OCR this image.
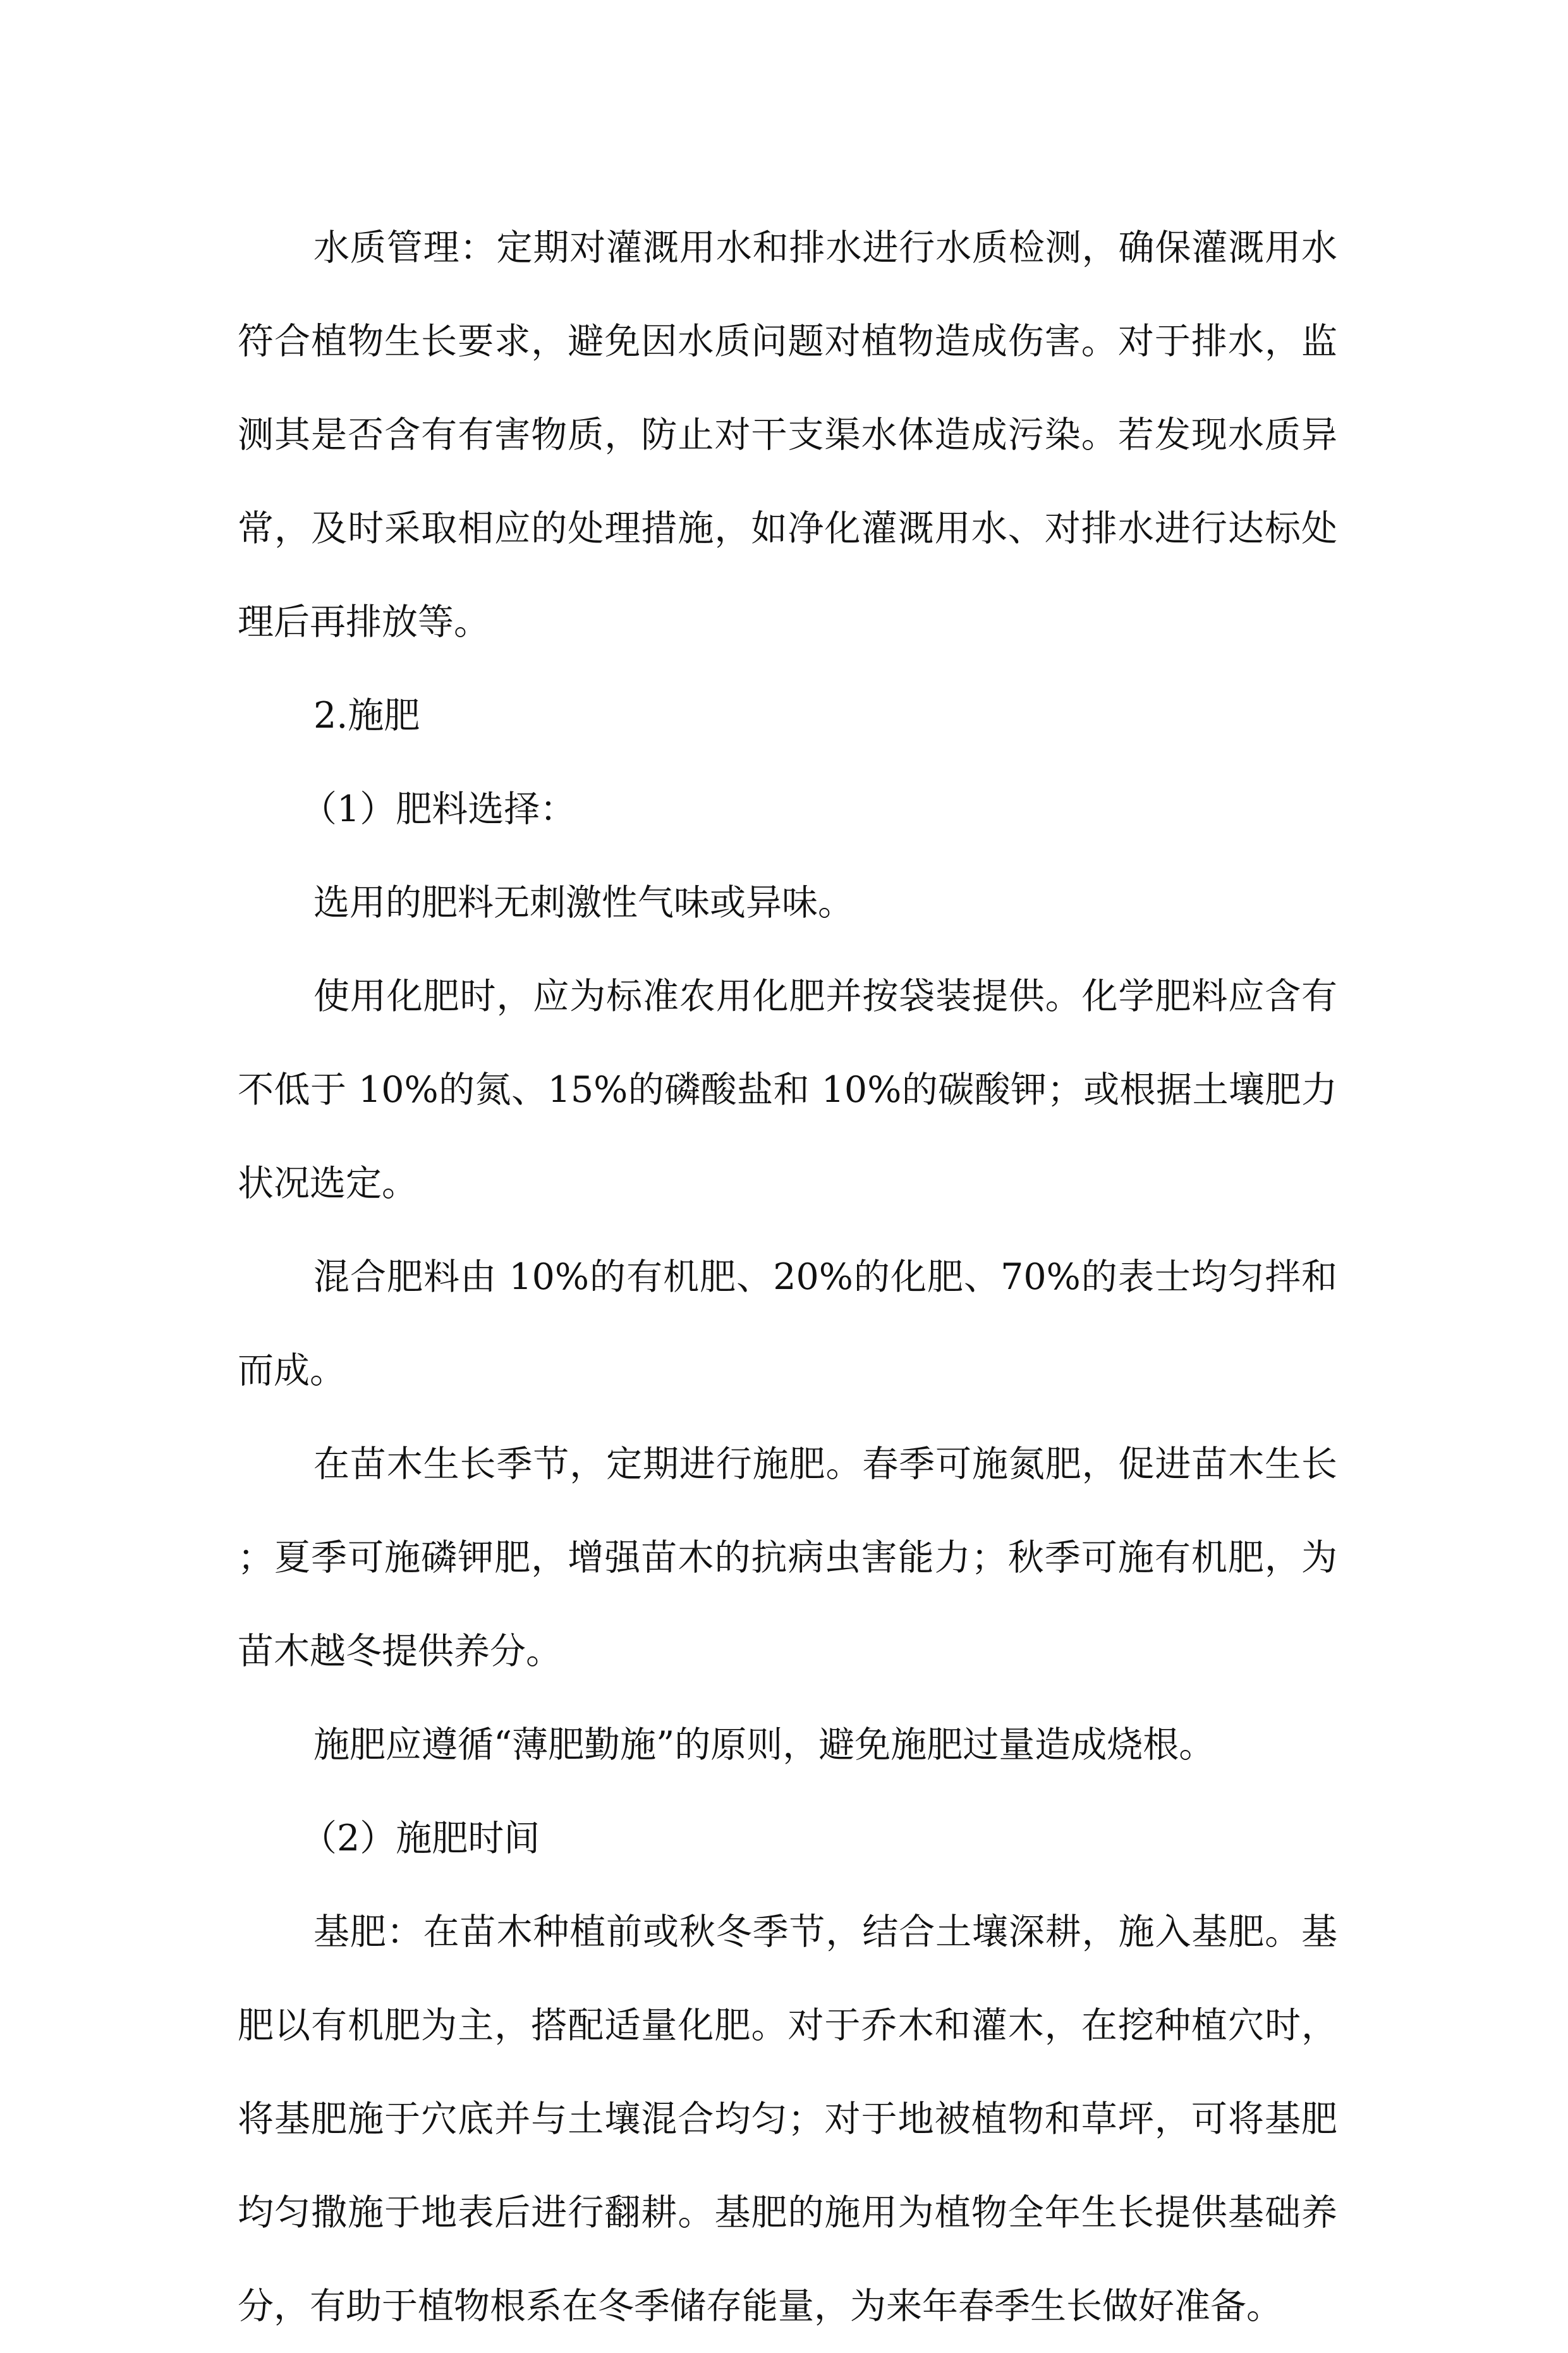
水质管理：定期对灌溉用水和排水进行水质检测，确保灌溉用水符合植物生长要求，避免因水质问题对植物造成伤害。对于排水，监测其是否含有有害物质，防止对干支渠水体造成污染。若发现水质异常，及时采取相应的处理措施，如净化灌溉用水、对排水进行达标处理后再排放等。

2.施肥

（1）肥料选择：

选用的肥料无刺激性气味或异味。

使用化肥时，应为标准农用化肥并按袋装提供。化学肥料应含有不低于 10%的氮、15%的磷酸盐和 10%的碳酸钾；或根据土壤肥力状况选定。

混合肥料由 10%的有机肥、20%的化肥、70%的表士均匀拌和而成。

在苗木生长季节，定期进行施肥。春季可施氮肥，促进苗木生长；夏季可施磷钾肥，增强苗木的抗病虫害能力；秋季可施有机肥，为苗木越冬提供养分。

施肥应遵循“薄肥勤施”的原则，避免施肥过量造成烧根。

（2）施肥时间

基肥：在苗木种植前或秋冬季节，结合土壤深耕，施入基肥。基肥以有机肥为主，搭配适量化肥。对于乔木和灌木，在挖种植穴时，将基肥施于穴底并与土壤混合均匀；对于地被植物和草坪，可将基肥均匀撒施于地表后进行翻耕。基肥的施用为植物全年生长提供基础养分，有助于植物根系在冬季储存能量，为来年春季生长做好准备。
